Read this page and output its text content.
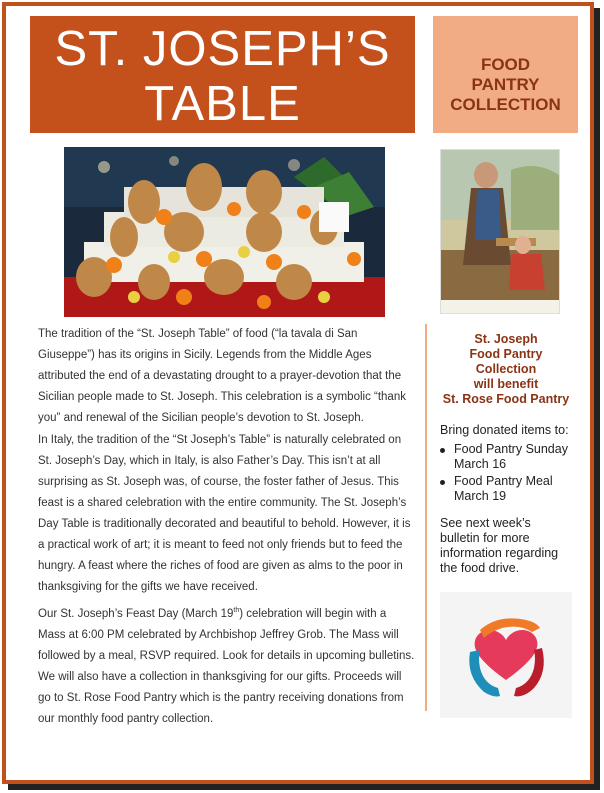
ST. JOSEPH’S
TABLE
FOOD
PANTRY
COLLECTION

The tradition of the “St. Joseph Table” of food (“la tavala di San Giuseppe”) has its origins in Sicily. Legends from the Middle Ages attributed the end of a devastating drought to a prayer-devotion that the Sicilian people made to St. Joseph. This celebration is a symbolic “thank you” and renewal of the Sicilian people’s devotion to St. Joseph.

In Italy, the tradition of the “St Joseph’s Table” is naturally celebrated on St. Joseph’s Day, which in Italy, is also Father’s Day. This isn’t at all surprising as St. Joseph was, of course, the foster father of Jesus. This feast is a shared celebration with the entire community. The St. Joseph’s Day Table is traditionally decorated and beautiful to behold. However, it is a practical work of art; it is meant to feed not only friends but to feed the hungry. A feast where the riches of food are given as alms to the poor in thanksgiving for the gifts we have received.

Our St. Joseph’s Feast Day (March 19th) celebration will begin with a Mass at 6:00 PM celebrated by Archbishop Jeffrey Grob. The Mass will followed by a meal, RSVP required. Look for details in upcoming bulletins. We will also have a collection in thanksgiving for our gifts. Proceeds will go to St. Rose Food Pantry which is the pantry receiving donations from our monthly food pantry collection.

St. Joseph
Food Pantry
Collection
will benefit
St. Rose Food Pantry
Bring donated items to:
Food Pantry Sunday
March 16
Food Pantry Meal
March 19
See next week’s bulletin for more information regarding the food drive.
